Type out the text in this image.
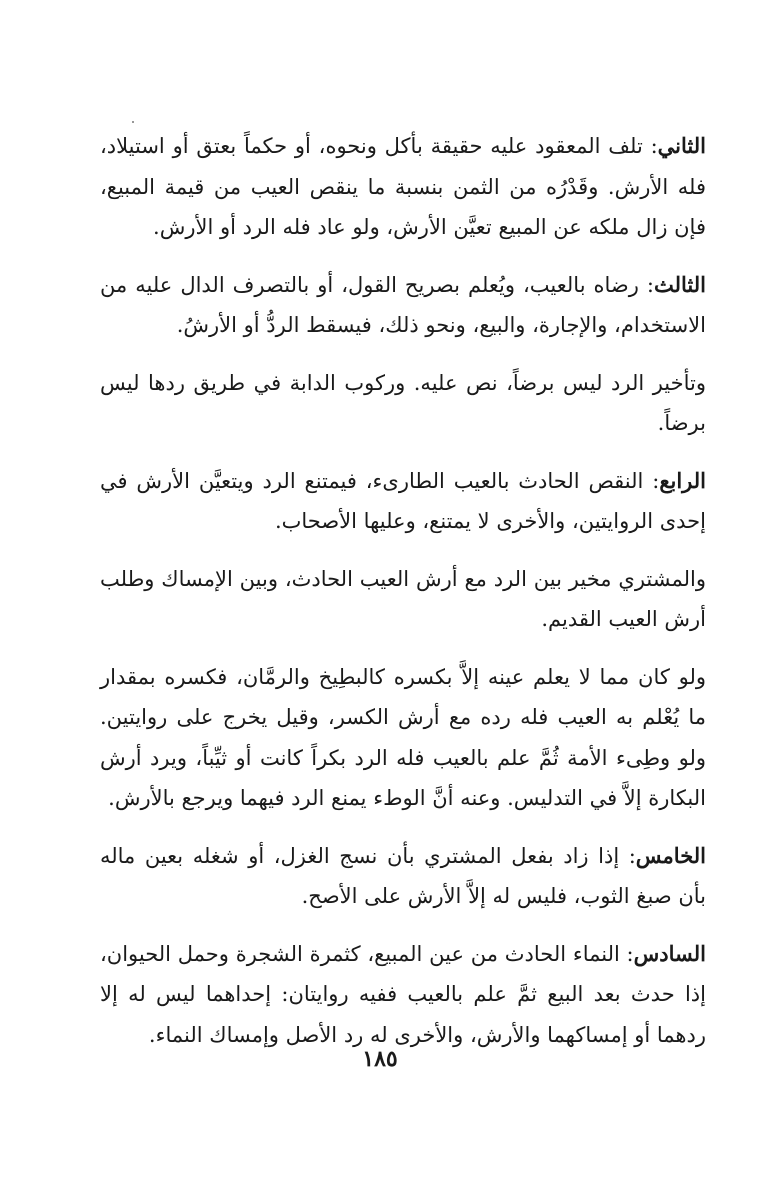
الثاني: تلف المعقود عليه حقيقة بأكل ونحوه، أو حكماً بعتق أو استيلاد، فله الأرش. وقَدْرُه من الثمن بنسبة ما ينقص العيب من قيمة المبيع، فإن زال ملكه عن المبيع تعيَّن الأرش، ولو عاد فله الرد أو الأرش.

الثالث: رضاه بالعيب، ويُعلم بصريح القول، أو بالتصرف الدال عليه من الاستخدام، والإجارة، والبيع، ونحو ذلك، فيسقط الردُّ أو الأرشُ.

وتأخير الرد ليس برضاً، نص عليه. وركوب الدابة في طريق ردها ليس برضاً.

الرابع: النقص الحادث بالعيب الطارىء، فيمتنع الرد ويتعيَّن الأرش في إحدى الروايتين، والأخرى لا يمتنع، وعليها الأصحاب.

والمشتري مخير بين الرد مع أرش العيب الحادث، وبين الإمساك وطلب أرش العيب القديم.

ولو كان مما لا يعلم عينه إلاَّ بكسره كالبطِيخ والرمَّان، فكسره بمقدار ما يُعْلم به العيب فله رده مع أرش الكسر، وقيل يخرج على روايتين. ولو وطِىء الأمة ثُمَّ علم بالعيب فله الرد بكراً كانت أو ثيِّباً، ويرد أرش البكارة إلاَّ في التدليس. وعنه أنَّ الوطء يمنع الرد فيهما ويرجع بالأرش.

الخامس: إذا زاد بفعل المشتري بأن نسج الغزل، أو شغله بعين ماله بأن صبغ الثوب، فليس له إلاَّ الأرش على الأصح.

السادس: النماء الحادث من عين المبيع، كثمرة الشجرة وحمل الحيوان، إذا حدث بعد البيع ثمَّ علم بالعيب ففيه روايتان: إحداهما ليس له إلا ردهما أو إمساكهما والأرش، والأخرى له رد الأصل وإمساك النماء.

١٨٥
